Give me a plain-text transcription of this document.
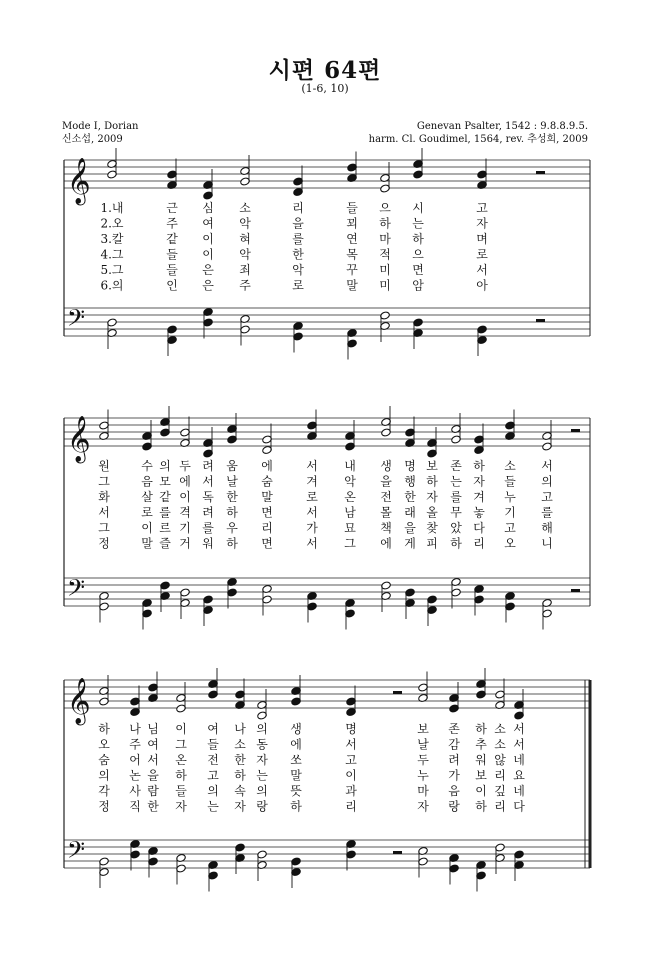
시편 64편
(1-6, 10)
Mode I, Dorian
신소섭, 2009
Genevan Psalter, 1542 : 9.8.8.9.5.
harm. Cl. Goudimel, 1564, rev. 추성희, 2009
𝄞
𝄢
1.내	근 심 소	리	들 으 시	고
2.오	주 여 악	을	꾀 하 는	자
3.칼	같 이 혀	를	연 마 하	며
4.그	들 이 악	한	목 적 으	로
5.그	들 은 죄	악	꾸 미 면	서
6.의	인 은 주	로	말 미 암	아
𝄞
𝄢
원	수 의 두 려 움 에	서 내 생 명 보 존 하 소 서
그	음 모 에 서 날 숨	겨 악 을 행 하 는 자 들 의
화	살 같 이 독 한 말	로 온 전 한 자 를 겨 누 고
서	로 를 격 려 하 면	서 남 몰 래 올 무 놓 기 를
그	이 르 기 를 우 리	가 묘 책 을 찾 았 다 고 해
정	말 즐 거 워 하 면	서 그 에 게 피 하 리 오 니
𝄞
𝄢
하 나 님 이 여 나 의 생	명	보 존 하 소 서
오 주 여 그 들 소 동 에	서	날 감 추 소 서
숨 어 서 온 전 한 자 쏘	고	두 려 워 않 네
의 논 을 하 고 하 는 말	이	누 가 보 리 요
각 사 람 들 의 속 의 뜻	과	마 음 이 깊 네
정 직 한 자 는 자 랑 하	리	자 랑 하 리 다
